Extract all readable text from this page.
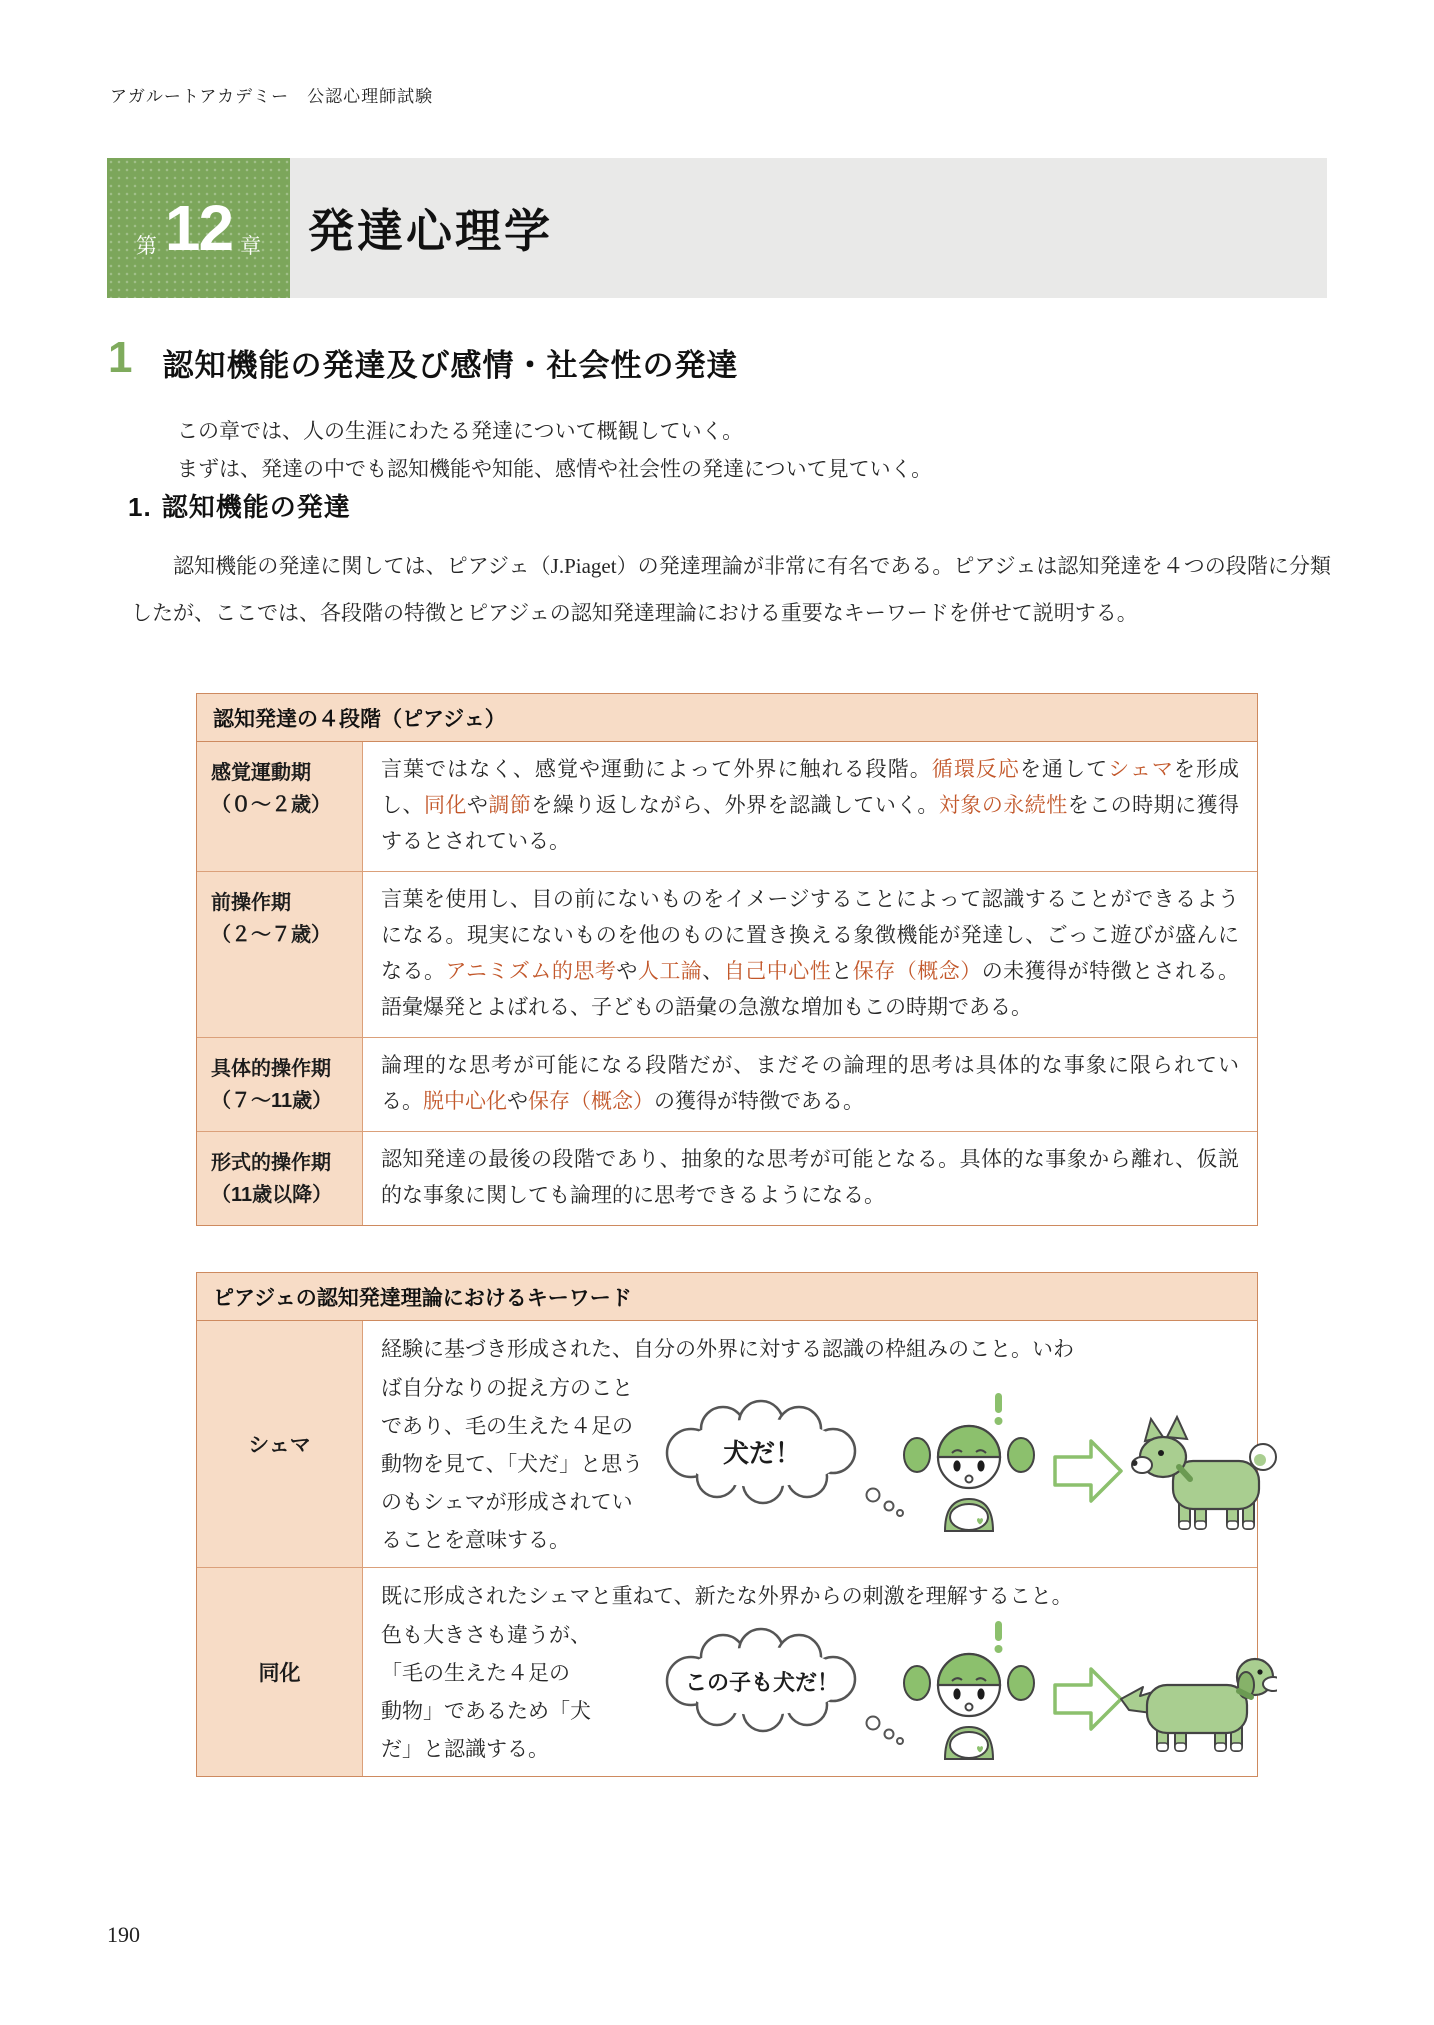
アガルートアカデミー　公認心理師試験
第 12 章 発達心理学
1 認知機能の発達及び感情・社会性の発達
この章では、人の生涯にわたる発達について概観していく。
まずは、発達の中でも認知機能や知能、感情や社会性の発達について見ていく。
1. 認知機能の発達
認知機能の発達に関しては、ピアジェ（J.Piaget）の発達理論が非常に有名である。ピアジェは認知発達を４つの段階に分類したが、ここでは、各段階の特徴とピアジェの認知発達理論における重要なキーワードを併せて説明する。
認知発達の４段階（ピアジェ）
感覚運動期
（０～２歳）
言葉ではなく、感覚や運動によって外界に触れる段階。循環反応を通してシェマを形成し、同化や調節を繰り返しながら、外界を認識していく。対象の永続性をこの時期に獲得するとされている。
前操作期
（２～７歳）
言葉を使用し、目の前にないものをイメージすることによって認識することができるようになる。現実にないものを他のものに置き換える象徴機能が発達し、ごっこ遊びが盛んになる。アニミズム的思考や人工論、自己中心性と保存（概念）の未獲得が特徴とされる。語彙爆発とよばれる、子どもの語彙の急激な増加もこの時期である。
具体的操作期
（７～11歳）
論理的な思考が可能になる段階だが、まだその論理的思考は具体的な事象に限られている。脱中心化や保存（概念）の獲得が特徴である。
形式的操作期
（11歳以降）
認知発達の最後の段階であり、抽象的な思考が可能となる。具体的な事象から離れ、仮説的な事象に関しても論理的に思考できるようになる。
ピアジェの認知発達理論におけるキーワード
シェマ
経験に基づき形成された、自分の外界に対する認識の枠組みのこと。いわ
ば自分なりの捉え方のこと
であり、毛の生えた４足の
動物を見て、「犬だ」と思う
のもシェマが形成されてい
ることを意味する。
犬だ！
同化
既に形成されたシェマと重ねて、新たな外界からの刺激を理解すること。
色も大きさも違うが、
「毛の生えた４足の
動物」であるため「犬
だ」と認識する。
この子も犬だ！
190
